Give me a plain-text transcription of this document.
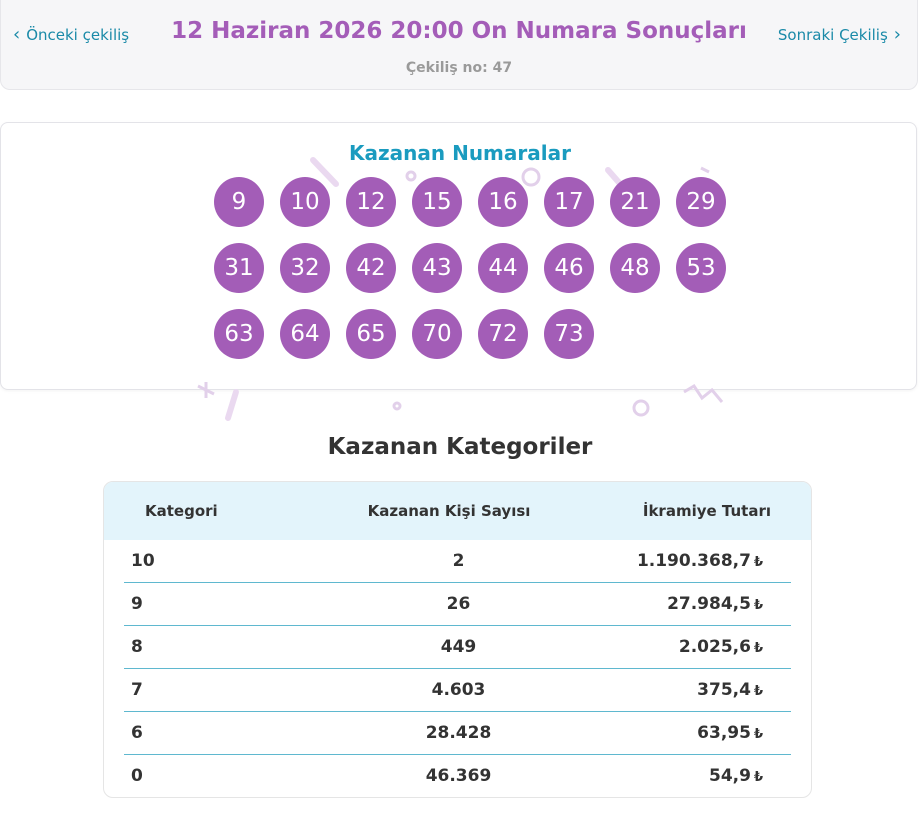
‹ Önceki çekiliş	12 Haziran 2026 20:00 On Numara Sonuçları	Sonraki Çekiliş ›
Çekiliş no: 47
Kazanan Numaralar
9	10	12	15	16	17	21	29
31	32	42	43	44	46	48	53
63	64	65	70	72	73
Kazanan Kategoriler
Kategori	Kazanan Kişi Sayısı	İkramiye Tutarı
10	2	1.190.368,7 ₺
9	26	27.984,5 ₺
8	449	2.025,6 ₺
7	4.603	375,4 ₺
6	28.428	63,95 ₺
0	46.369	54,9 ₺
